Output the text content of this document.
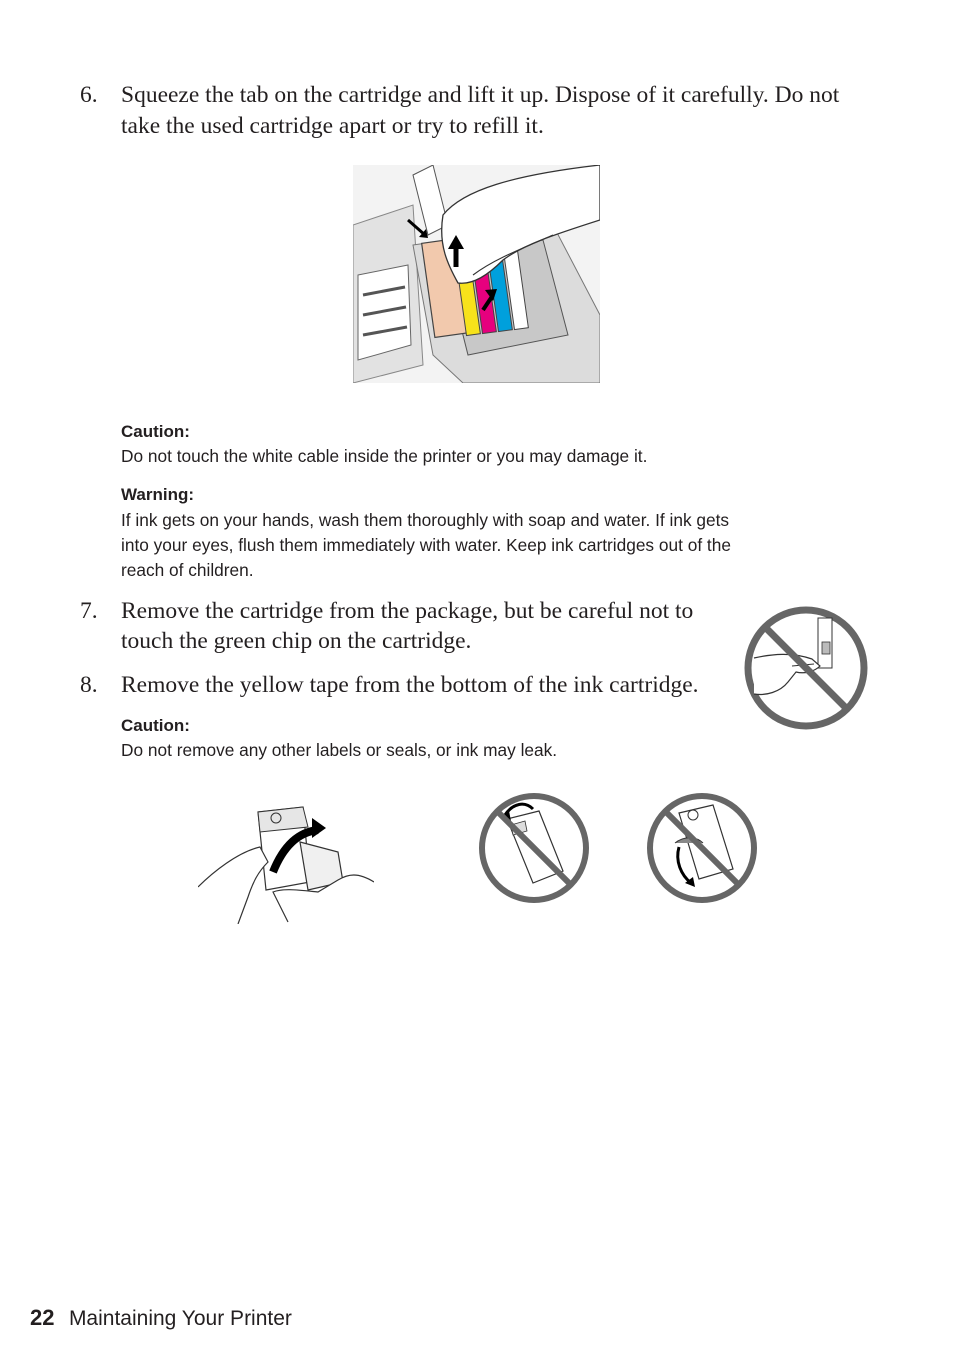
6. Squeeze the tab on the cartridge and lift it up. Dispose of it carefully. Do not
take the used cartridge apart or try to refill it.
Caution:
Do not touch the white cable inside the printer or you may damage it.
Warning:
If ink gets on your hands, wash them thoroughly with soap and water. If ink gets
into your eyes, flush them immediately with water. Keep ink cartridges out of the
reach of children.
7. Remove the cartridge from the package, but be careful not to
touch the green chip on the cartridge.
8. Remove the yellow tape from the bottom of the ink cartridge.
Caution:
Do not remove any other labels or seals, or ink may leak.
22 Maintaining Your Printer
